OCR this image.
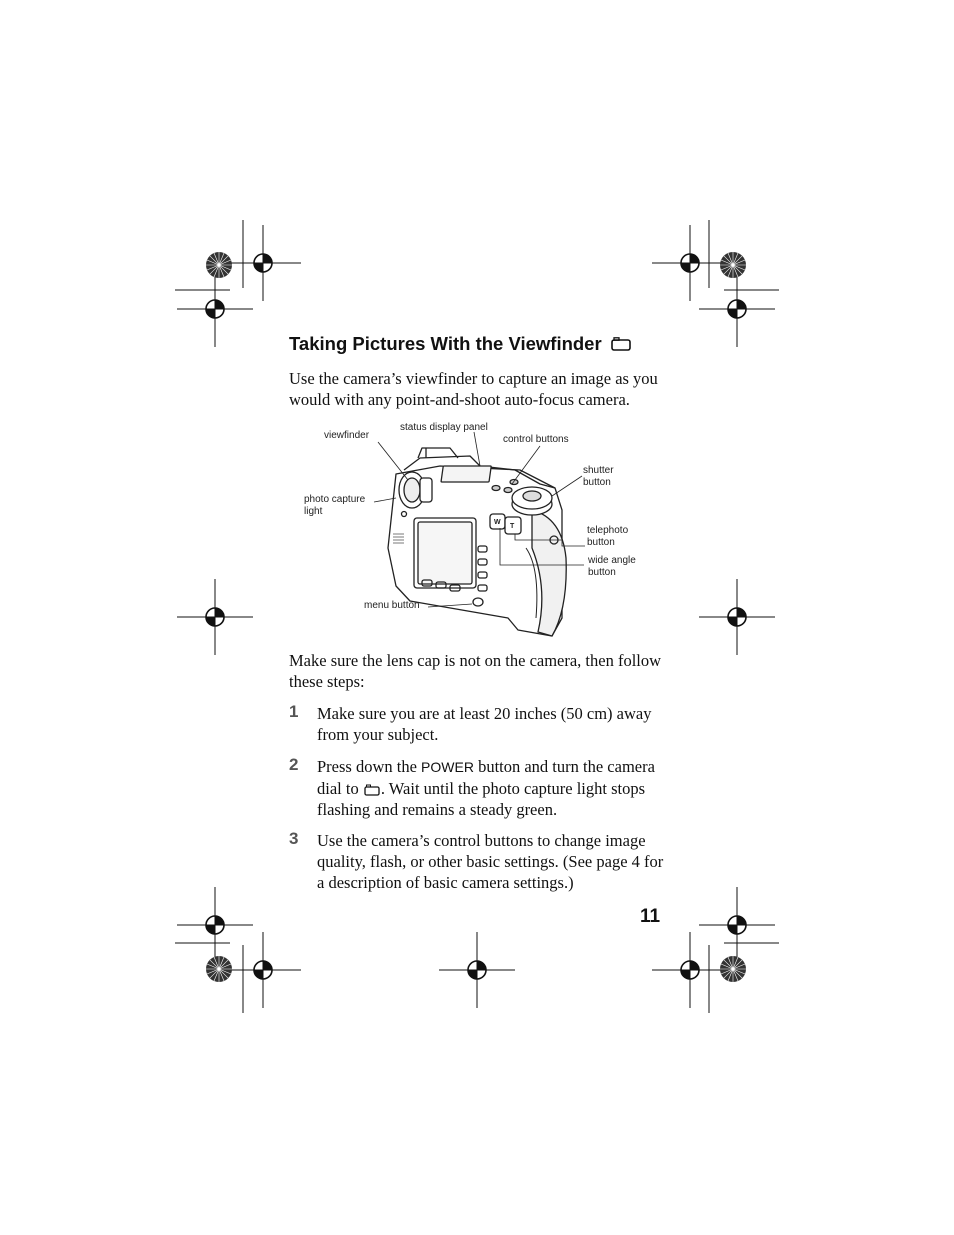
Taking Pictures With the Viewfinder

Use the camera’s viewfinder to capture an image as you would with any point-and-shoot auto-focus camera.

viewfinder
status display panel
control buttons
shutter
button
photo capture
light
telephoto
button
wide angle
button
menu button
W
T

Make sure the lens cap is not on the camera, then follow these steps:

1 Make sure you are at least 20 inches (50 cm) away from your subject.
2 Press down the POWER button and turn the camera dial to . Wait until the photo capture light stops flashing and remains a steady green.
3 Use the camera’s control buttons to change image quality, flash, or other basic settings. (See page 4 for a description of basic camera settings.)
11
